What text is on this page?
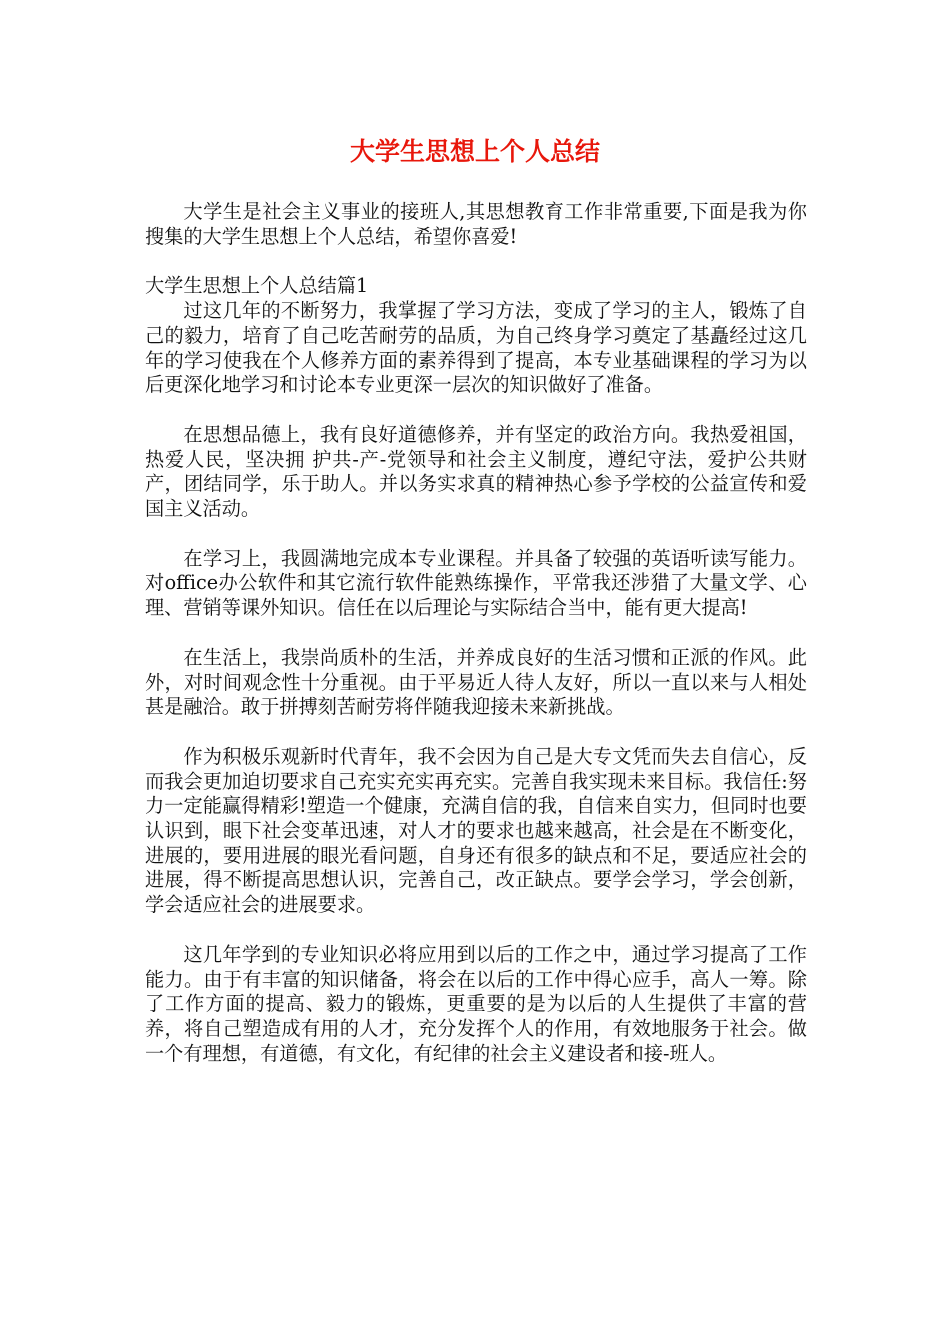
大学生思想上个人总结

大学生是社会主义事业的接班人,其思想教育工作非常重要,下面是我为你搜集的大学生思想上个人总结，希望你喜爱!

大学生思想上个人总结篇1

过这几年的不断努力，我掌握了学习方法，变成了学习的主人，锻炼了自己的毅力，培育了自己吃苦耐劳的品质，为自己终身学习奠定了基矗经过这几年的学习使我在个人修养方面的素养得到了提高，本专业基础课程的学习为以后更深化地学习和讨论本专业更深一层次的知识做好了准备。

在思想品德上，我有良好道德修养，并有坚定的政治方向。我热爱祖国，热爱人民，坚决拥 护共-产-党领导和社会主义制度，遵纪守法，爱护公共财产，团结同学，乐于助人。并以务实求真的精神热心参予学校的公益宣传和爱国主义活动。

在学习上，我圆满地完成本专业课程。并具备了较强的英语听读写能力。对office办公软件和其它流行软件能熟练操作，平常我还涉猎了大量文学、心理、营销等课外知识。信任在以后理论与实际结合当中，能有更大提高!

在生活上，我崇尚质朴的生活，并养成良好的生活习惯和正派的作风。此外，对时间观念性十分重视。由于平易近人待人友好，所以一直以来与人相处甚是融洽。敢于拼搏刻苦耐劳将伴随我迎接未来新挑战。

作为积极乐观新时代青年，我不会因为自己是大专文凭而失去自信心，反而我会更加迫切要求自己充实充实再充实。完善自我实现未来目标。我信任:努力一定能赢得精彩!塑造一个健康，充满自信的我，自信来自实力，但同时也要认识到，眼下社会变革迅速，对人才的要求也越来越高，社会是在不断变化，进展的，要用进展的眼光看问题，自身还有很多的缺点和不足，要适应社会的进展，得不断提高思想认识，完善自己，改正缺点。要学会学习，学会创新，学会适应社会的进展要求。

这几年学到的专业知识必将应用到以后的工作之中，通过学习提高了工作能力。由于有丰富的知识储备，将会在以后的工作中得心应手，高人一筹。除了工作方面的提高、毅力的锻炼，更重要的是为以后的人生提供了丰富的营养，将自己塑造成有用的人才，充分发挥个人的作用，有效地服务于社会。做一个有理想，有道德，有文化，有纪律的社会主义建设者和接-班人。
